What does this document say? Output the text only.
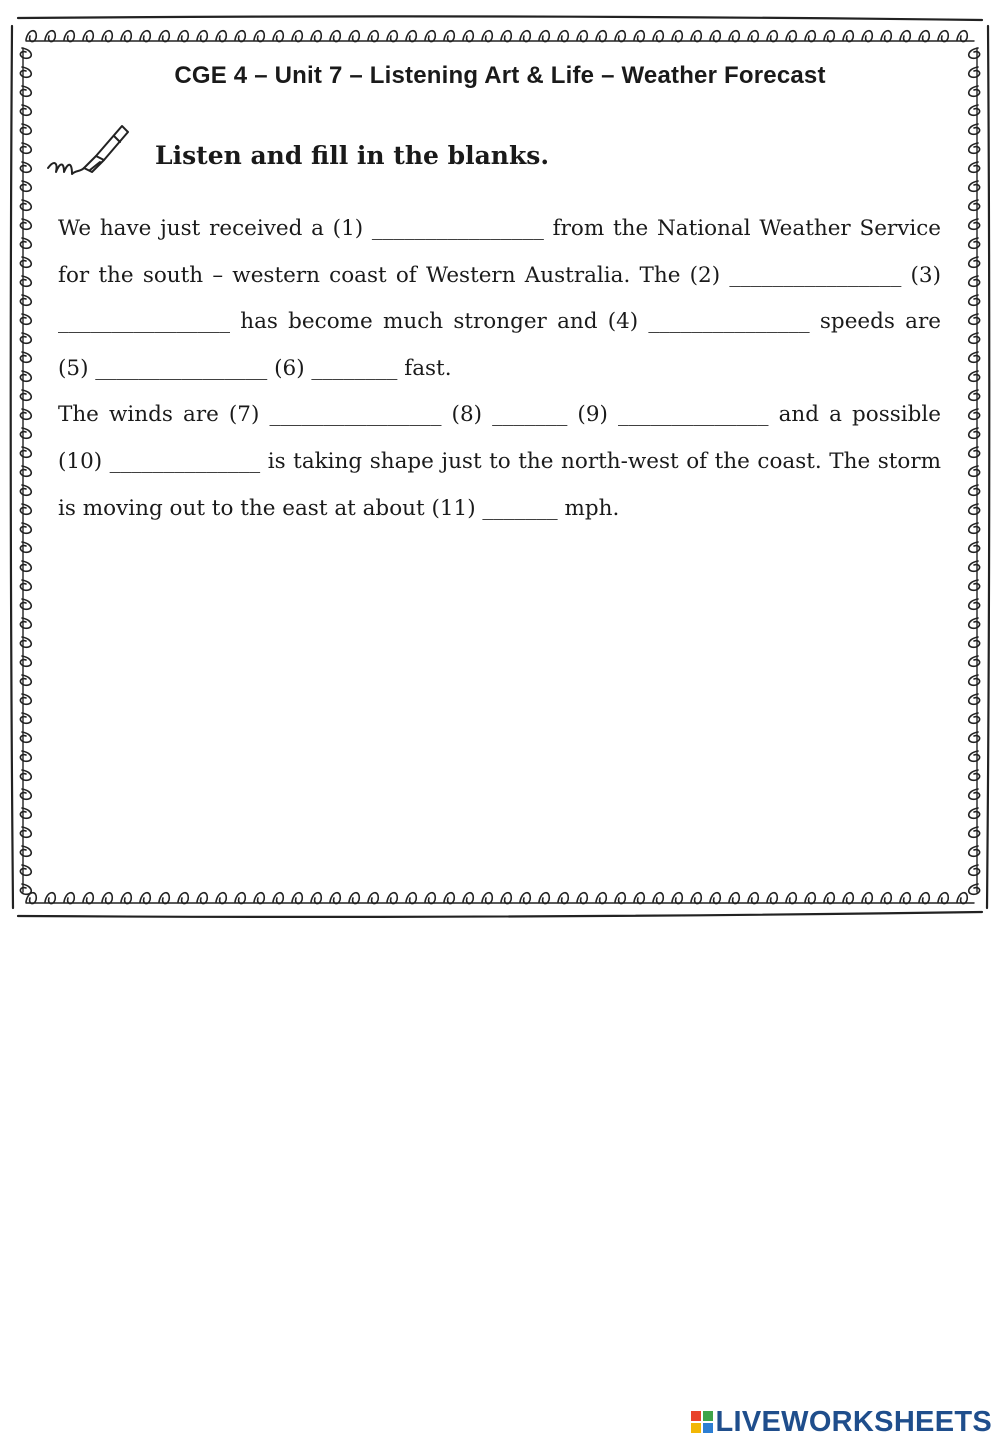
CGE 4 – Unit 7 – Listening Art & Life – Weather Forecast
Listen and fill in the blanks.
We have just received a (1) ________________ from the National Weather Service
for the south – western coast of Western Australia. The (2) ________________ (3)
________________ has become much stronger and (4) _______________ speeds are
(5) ________________ (6) ________ fast.
The winds are (7) ________________ (8) _______ (9) ______________ and a possible
(10) ______________ is taking shape just to the north-west of the coast. The storm
is moving out to the east at about (11) _______ mph.
LIVEWORKSHEETS
